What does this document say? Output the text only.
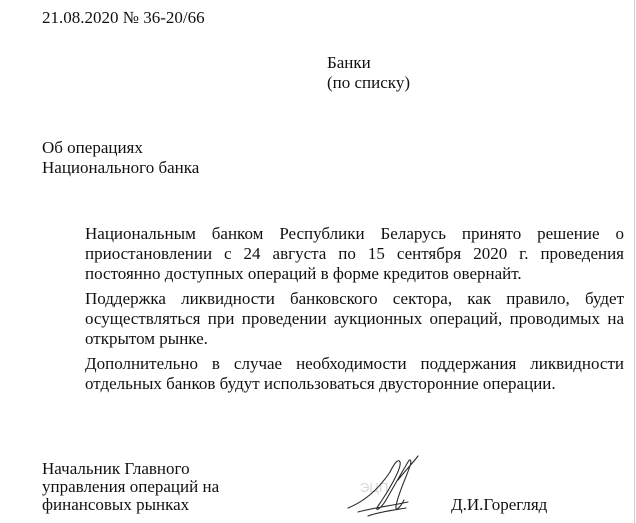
21.08.2020 № 36-20/66
Банки
(по списку)
Об операциях
Национального банка
Национальным банком Республики Беларусь принято решение о
приостановлении с 24 августа по 15 сентября 2020 г. проведения
постоянно доступных операций в форме кредитов овернайт.
Поддержка ликвидности банковского сектора, как правило, будет
осуществляться при проведении аукционных операций, проводимых на
открытом рынке.
Дополнительно в случае необходимости поддержания ликвидности
отдельных банков будут использоваться двусторонние операции.
Начальник Главного
управления операций на
финансовых рынках
ЭЦП
Д.И.Горегляд
